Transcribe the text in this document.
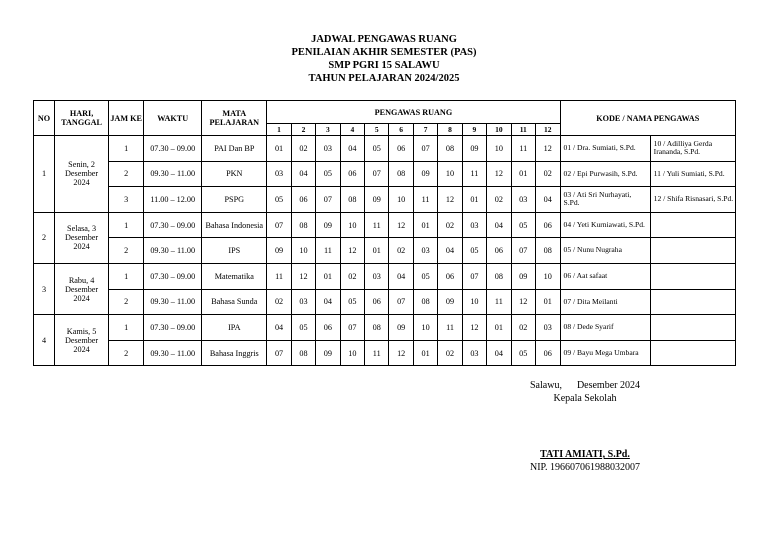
JADWAL PENGAWAS RUANG
PENILAIAN AKHIR SEMESTER (PAS)
SMP PGRI 15 SALAWU
TAHUN PELAJARAN 2024/2025
NO	HARI, TANGGAL	JAM KE	WAKTU	MATA PELAJARAN	PENGAWAS RUANG												KODE / NAMA PENGAWAS	
					1	2	3	4	5	6	7	8	9	10	11	12		
1	Senin, 2 Desember 2024	1	07.30 – 09.00	PAI Dan BP	01	02	03	04	05	06	07	08	09	10	11	12	01 / Dra. Sumiati, S.Pd.	10 / Adilliya Gerda Irananda, S.Pd.
		2	09.30 – 11.00	PKN	03	04	05	06	07	08	09	10	11	12	01	02	02 / Epi Purwasih, S.Pd.	11 / Yuli Sumiati, S.Pd.
		3	11.00 – 12.00	PSPG	05	06	07	08	09	10	11	12	01	02	03	04	03 / Ati Sri Nurhayati, S.Pd.	12 / Shifa Risnasari, S.Pd.
2	Selasa, 3 Desember 2024	1	07.30 – 09.00	Bahasa Indonesia	07	08	09	10	11	12	01	02	03	04	05	06	04 / Yeti Kurniawati, S.Pd.	
		2	09.30 – 11.00	IPS	09	10	11	12	01	02	03	04	05	06	07	08	05 / Nunu Nugraha	
3	Rabu, 4 Desember 2024	1	07.30 – 09.00	Matematika	11	12	01	02	03	04	05	06	07	08	09	10	06 / Aat safaat	
		2	09.30 – 11.00	Bahasa Sunda	02	03	04	05	06	07	08	09	10	11	12	01	07 / Dita Meilanti	
4	Kamis, 5 Desember 2024	1	07.30 – 09.00	IPA	04	05	06	07	08	09	10	11	12	01	02	03	08 / Dede Syarif	
		2	09.30 – 11.00	Bahasa Inggris	07	08	09	10	11	12	01	02	03	04	05	06	09 / Bayu Mega Umbara	
Salawu,      Desember 2024
Kepala Sekolah
TATI AMIATI, S.Pd.
NIP. 196607061988032007
